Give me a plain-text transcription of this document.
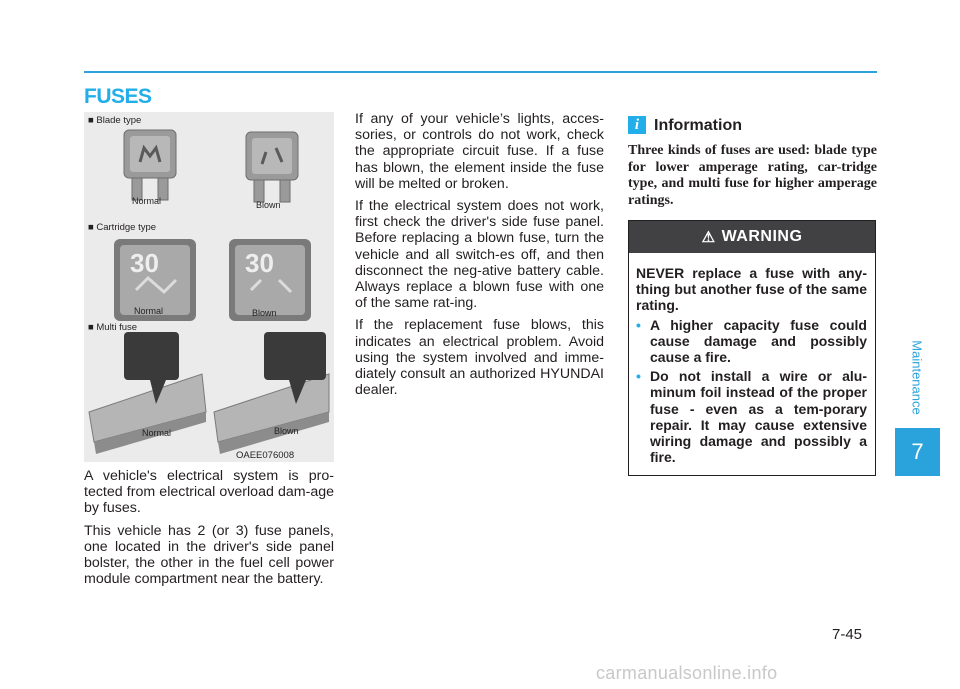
FUSES
Maintenance
7
30	30
■ Blade type
Normal	Blown
■ Cartridge type
Normal	Blown
■ Multi fuse
Normal	Blown
OAEE076008

A vehicle's electrical system is pro-tected from electrical overload dam-age by fuses.

This vehicle has 2 (or 3) fuse panels, one located in the driver's side panel bolster, the other in the fuel cell power module compartment near the battery.

If any of your vehicle’s lights, acces-sories, or controls do not work, check the appropriate circuit fuse. If a fuse has blown, the element inside the fuse will be melted or broken.

If the electrical system does not work, first check the driver's side fuse panel. Before replacing a blown fuse, turn the vehicle and all switch-es off, and then disconnect the neg-ative battery cable. Always replace a blown fuse with one of the same rat-ing.

If the replacement fuse blows, this indicates an electrical problem. Avoid using the system involved and imme-diately consult an authorized HYUNDAI dealer.

i Information
Three kinds of fuses are used: blade type for lower amperage rating, car-tridge type, and multi fuse for higher amperage ratings.
⚠ WARNING

NEVER replace a fuse with any-thing but another fuse of the same rating.

• A higher capacity fuse could cause damage and possibly cause a fire.
• Do not install a wire or alu-minum foil instead of the proper fuse - even as a tem-porary repair. It may cause extensive wiring damage and possibly a fire.
7-45
carmanualsonline.info
